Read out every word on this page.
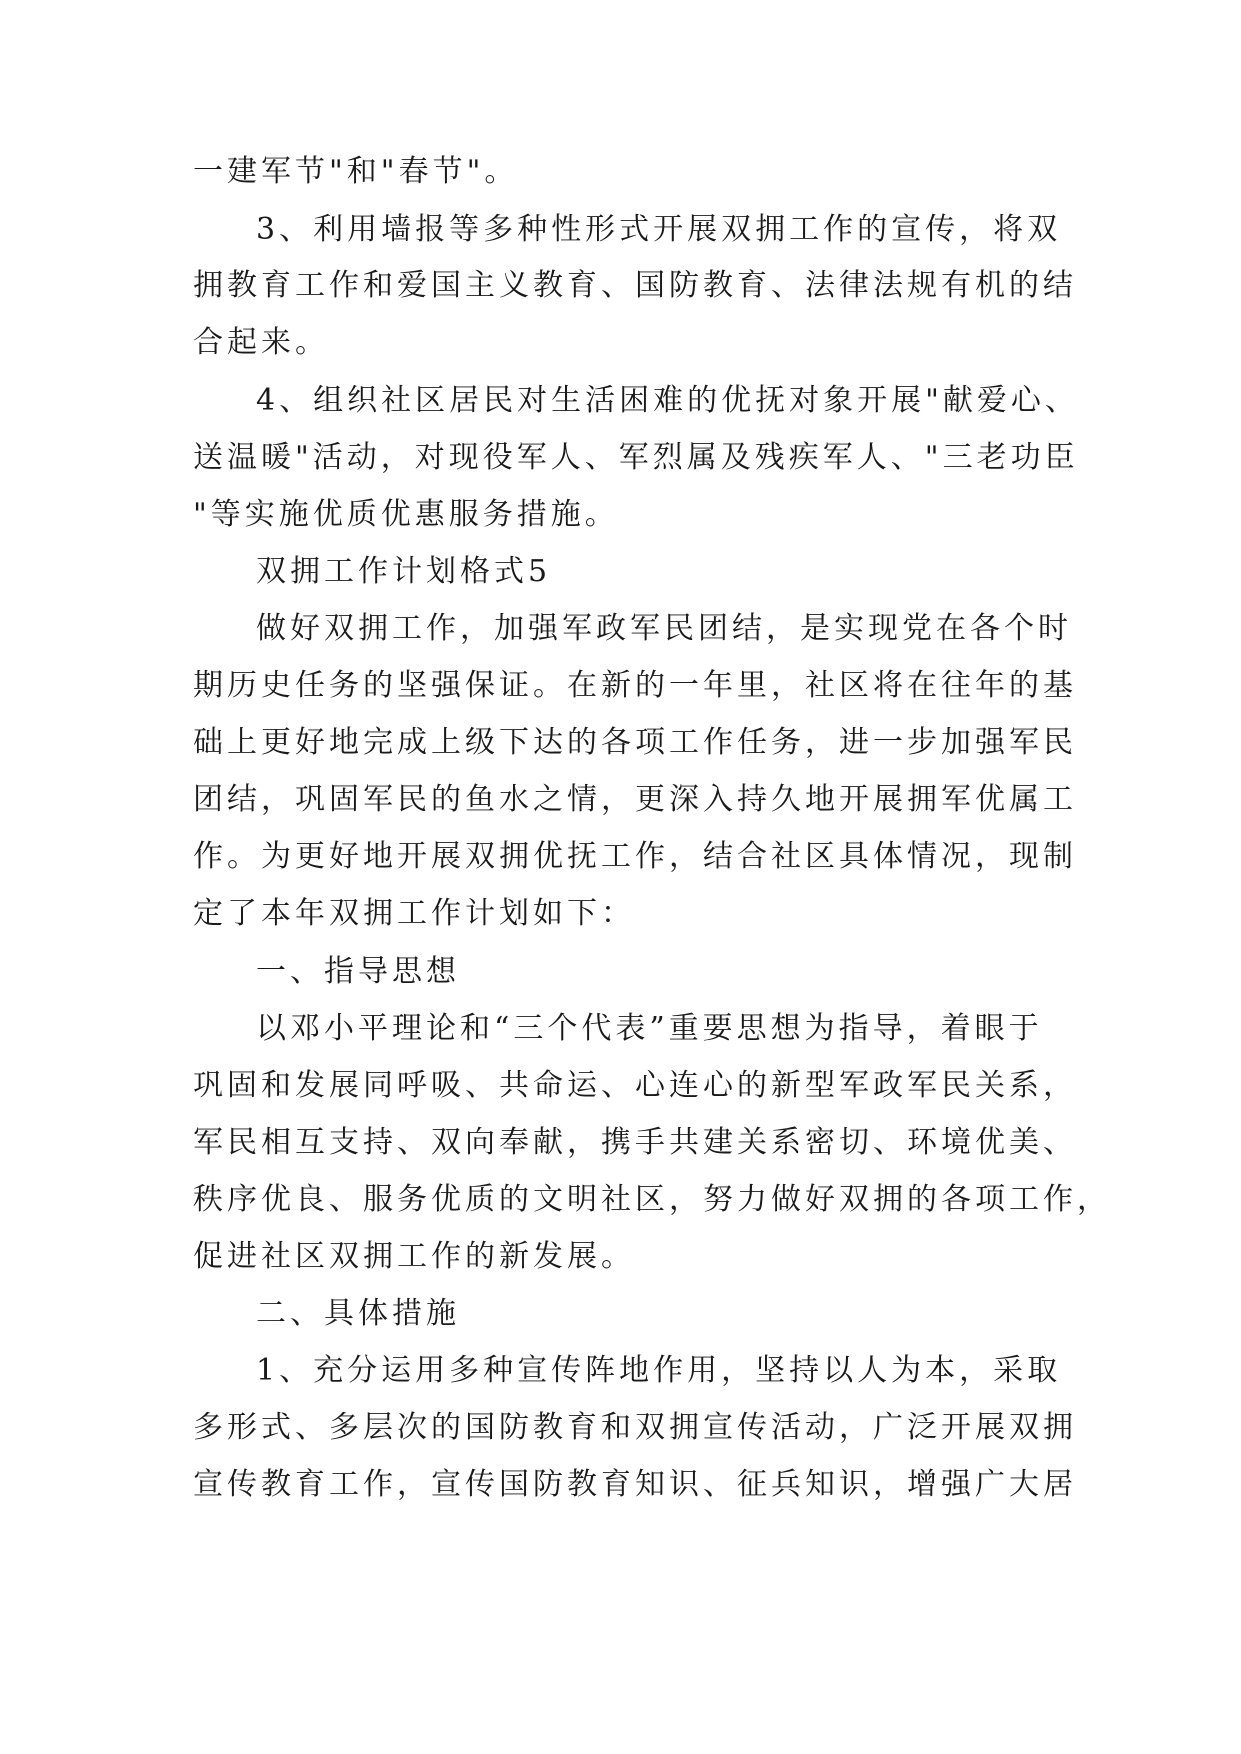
一建军节"和"春节"。
3、利用墙报等多种性形式开展双拥工作的宣传，将双
拥教育工作和爱国主义教育、国防教育、法律法规有机的结
合起来。
4、组织社区居民对生活困难的优抚对象开展"献爱心、
送温暖"活动，对现役军人、军烈属及残疾军人、"三老功臣
"等实施优质优惠服务措施。
双拥工作计划格式5
做好双拥工作，加强军政军民团结，是实现党在各个时
期历史任务的坚强保证。在新的一年里，社区将在往年的基
础上更好地完成上级下达的各项工作任务，进一步加强军民
团结，巩固军民的鱼水之情，更深入持久地开展拥军优属工
作。为更好地开展双拥优抚工作，结合社区具体情况，现制
定了本年双拥工作计划如下：
一、指导思想
以邓小平理论和“三个代表”重要思想为指导，着眼于
巩固和发展同呼吸、共命运、心连心的新型军政军民关系，
军民相互支持、双向奉献，携手共建关系密切、环境优美、
秩序优良、服务优质的文明社区，努力做好双拥的各项工作，
促进社区双拥工作的新发展。
二、具体措施
1、充分运用多种宣传阵地作用，坚持以人为本，采取
多形式、多层次的国防教育和双拥宣传活动，广泛开展双拥
宣传教育工作，宣传国防教育知识、征兵知识，增强广大居
